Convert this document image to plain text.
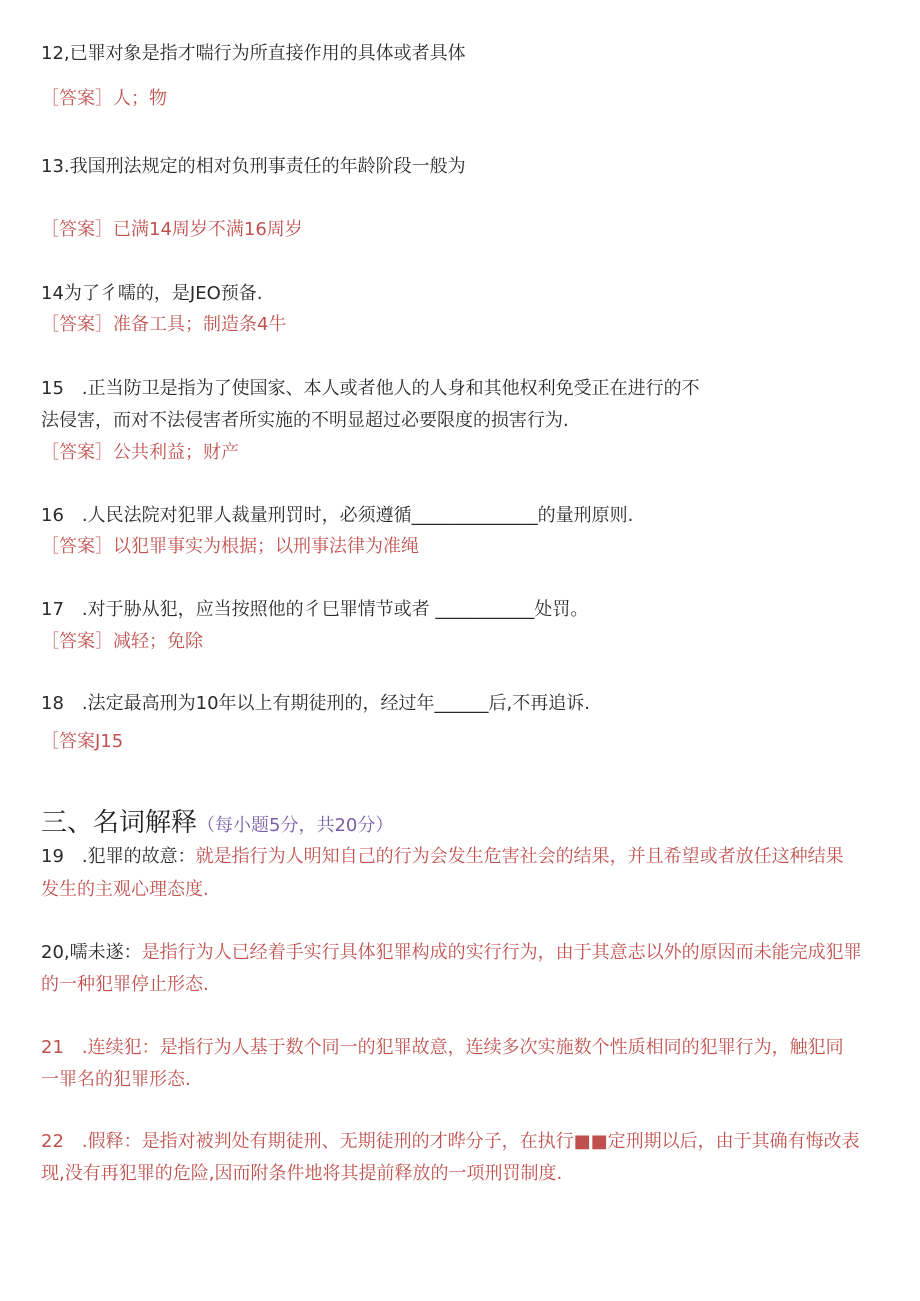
12,已罪对象是指才喘行为所直接作用的具体或者具体
［答案］人；物
13.我国刑法规定的相对负刑事责任的年龄阶段一般为
［答案］已满14周岁不满16周岁
14为了彳嚅的，是JEO预备.
［答案］准备工具；制造条4牛
15　.正当防卫是指为了使国家、本人或者他人的人身和其他权利免受正在进行的不
法侵害，而对不法侵害者所实施的不明显超过必要限度的损害行为.
［答案］公共利益；财产
16　.人民法院对犯罪人裁量刑罚时，必须遵循______________的量刑原则.
［答案］以犯罪事实为根据；以刑事法律为准绳
17　.对于胁从犯，应当按照他的彳巳罪情节或者 ___________处罚。
［答案］减轻；免除
18　.法定最高刑为10年以上有期徒刑的，经过年______后,不再追诉.
［答案J15
三、名词解释（每小题5分，共20分）
19　.犯罪的故意：就是指行为人明知自己的行为会发生危害社会的结果，并且希望或者放任这种结果
发生的主观心理态度.
20,嚅未遂：是指行为人已经着手实行具体犯罪构成的实行行为，由于其意志以外的原因而未能完成犯罪
的一种犯罪停止形态.
21　.连续犯：是指行为人基于数个同一的犯罪故意，连续多次实施数个性质相同的犯罪行为，触犯同
一罪名的犯罪形态.
22　.假释：是指对被判处有期徒刑、无期徒刑的才晔分子，在执行■■定刑期以后，由于其确有悔改表
现,没有再犯罪的危险,因而附条件地将其提前释放的一项刑罚制度.
